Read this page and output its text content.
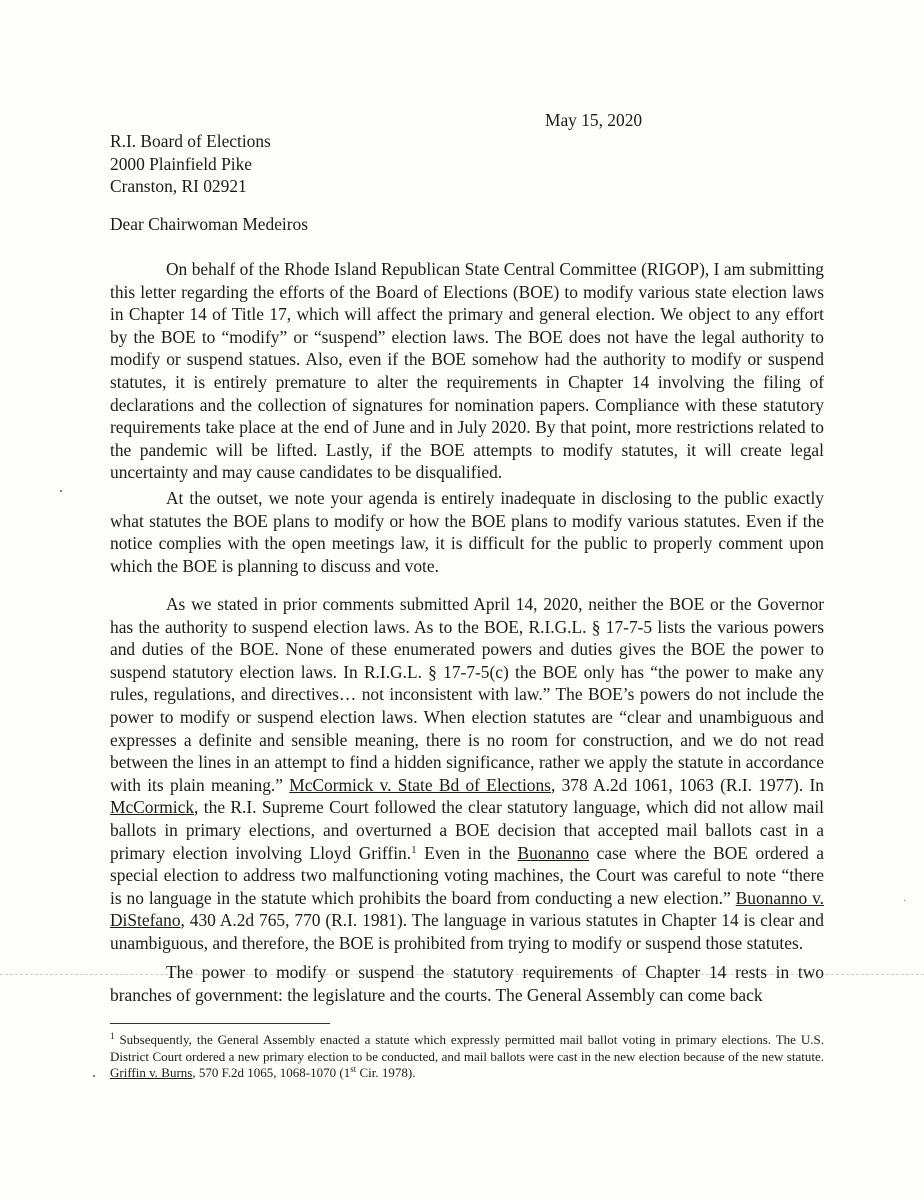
May 15, 2020
R.I. Board of Elections
2000 Plainfield Pike
Cranston, RI 02921
Dear Chairwoman Medeiros

On behalf of the Rhode Island Republican State Central Committee (RIGOP), I am submitting this letter regarding the efforts of the Board of Elections (BOE) to modify various state election laws in Chapter 14 of Title 17, which will affect the primary and general election. We object to any effort by the BOE to “modify” or “suspend” election laws. The BOE does not have the legal authority to modify or suspend statues. Also, even if the BOE somehow had the authority to modify or suspend statutes, it is entirely premature to alter the requirements in Chapter 14 involving the filing of declarations and the collection of signatures for nomination papers. Compliance with these statutory requirements take place at the end of June and in July 2020. By that point, more restrictions related to the pandemic will be lifted. Lastly, if the BOE attempts to modify statutes, it will create legal uncertainty and may cause candidates to be disqualified.

At the outset, we note your agenda is entirely inadequate in disclosing to the public exactly what statutes the BOE plans to modify or how the BOE plans to modify various statutes. Even if the notice complies with the open meetings law, it is difficult for the public to properly comment upon which the BOE is planning to discuss and vote.

As we stated in prior comments submitted April 14, 2020, neither the BOE or the Governor has the authority to suspend election laws. As to the BOE, R.I.G.L. § 17-7-5 lists the various powers and duties of the BOE. None of these enumerated powers and duties gives the BOE the power to suspend statutory election laws. In R.I.G.L. § 17-7-5(c) the BOE only has “the power to make any rules, regulations, and directives… not inconsistent with law.” The BOE’s powers do not include the power to modify or suspend election laws. When election statutes are “clear and unambiguous and expresses a definite and sensible meaning, there is no room for construction, and we do not read between the lines in an attempt to find a hidden significance, rather we apply the statute in accordance with its plain meaning.” McCormick v. State Bd of Elections, 378 A.2d 1061, 1063 (R.I. 1977). In McCormick, the R.I. Supreme Court followed the clear statutory language, which did not allow mail ballots in primary elections, and overturned a BOE decision that accepted mail ballots cast in a primary election involving Lloyd Griffin.$^1$ Even in the Buonanno case where the BOE ordered a special election to address two malfunctioning voting machines, the Court was careful to note “there is no language in the statute which prohibits the board from conducting a new election.” Buonanno v. DiStefano, 430 A.2d 765, 770 (R.I. 1981). The language in various statutes in Chapter 14 is clear and unambiguous, and therefore, the BOE is prohibited from trying to modify or suspend those statutes.

The power to modify or suspend the statutory requirements of Chapter 14 rests in two branches of government: the legislature and the courts. The General Assembly can come back

$^1$ Subsequently, the General Assembly enacted a statute which expressly permitted mail ballot voting in primary elections. The U.S. District Court ordered a new primary election to be conducted, and mail ballots were cast in the new election because of the new statute. Griffin v. Burns, 570 F.2d 1065, 1068-1070 (1st Cir. 1978).
